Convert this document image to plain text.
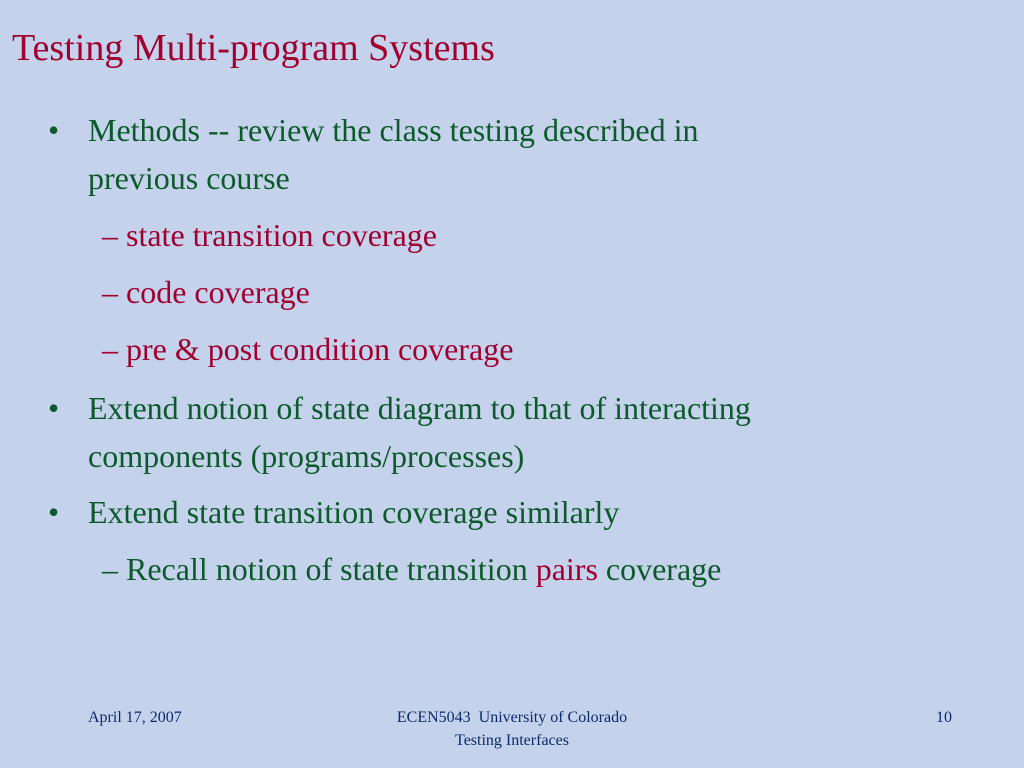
Testing Multi-program Systems
• Methods -- review the class testing described in
previous course
– state transition coverage
– code coverage
– pre & post condition coverage
• Extend notion of state diagram to that of interacting
components (programs/processes)
• Extend state transition coverage similarly
– Recall notion of state transition pairs coverage
April 17, 2007	ECEN5043  University of Colorado
Testing Interfaces
10
